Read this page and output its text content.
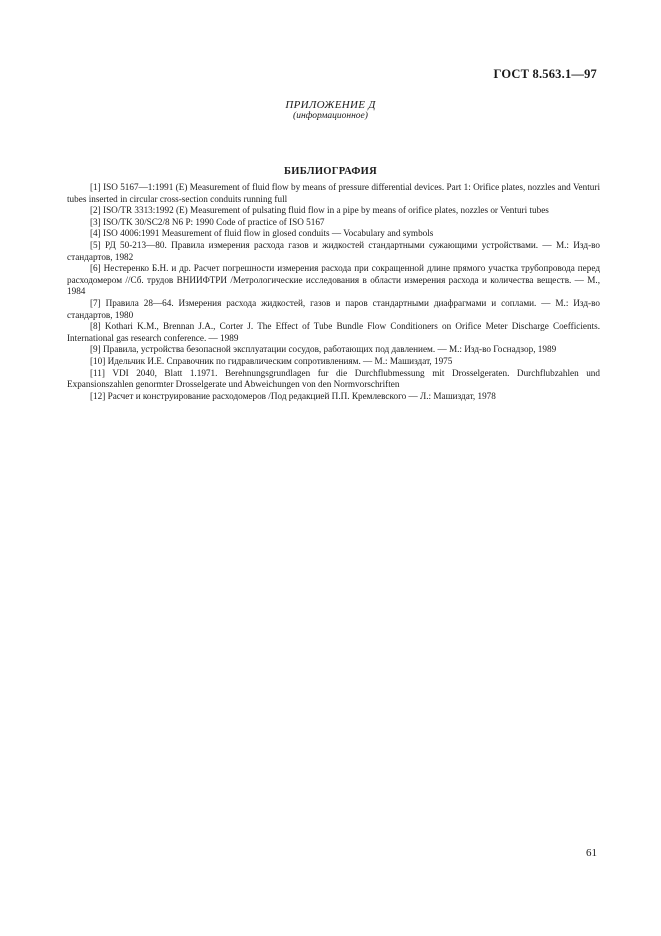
ГОСТ 8.563.1—97
ПРИЛОЖЕНИЕ Д
(информационное)
БИБЛИОГРАФИЯ
[1] ISO 5167—1:1991 (E) Measurement of fluid flow by means of pressure differential devices. Part 1: Orifice plates, nozzles and Venturi tubes inserted in circular cross-section conduits running full
[2] ISO/TR 3313:1992 (E) Measurement of pulsating fluid flow in a pipe by means of orifice plates, nozzles or Venturi tubes
[3] ISO/TK 30/SC2/8 N6 P: 1990 Code of practice of ISO 5167
[4] ISO 4006:1991 Measurement of fluid flow in glosed conduits — Vocabulary and symbols
[5] РД 50-213—80. Правила измерения расхода газов и жидкостей стандартными сужающими устройствами. — М.: Изд-во стандартов, 1982
[6] Нестеренко Б.Н. и др. Расчет погрешности измерения расхода при сокращенной длине прямого участка трубопровода перед расходомером //Сб. трудов ВНИИФТРИ /Метрологические исследования в области измерения расхода и количества веществ. — М., 1984
[7] Правила 28—64. Измерения расхода жидкостей, газов и паров стандартными диафрагмами и соплами. — М.: Изд-во стандартов, 1980
[8] Kothari K.M., Brennan J.A., Corter J. The Effect of Tube Bundle Flow Conditioners on Orifice Meter Discharge Coefficients. International gas research conference. — 1989
[9] Правила, устройства безопасной эксплуатации сосудов, работающих под давлением. — М.: Изд-во Госнадзор, 1989
[10] Идельчик И.Е. Справочник по гидравлическим сопротивлениям. — М.: Машиздат, 1975
[11] VDI 2040, Blatt 1.1971. Berehnungsgrundlagen fur die Durchflubmessung mit Drosselgeraten. Durchflubzahlen und Expansionszahlen genormter Drosselgerate und Abweichungen von den Normvorschriften
[12] Расчет и конструирование расходомеров /Под редакцией П.П. Кремлевского — Л.: Машиздат, 1978
61
